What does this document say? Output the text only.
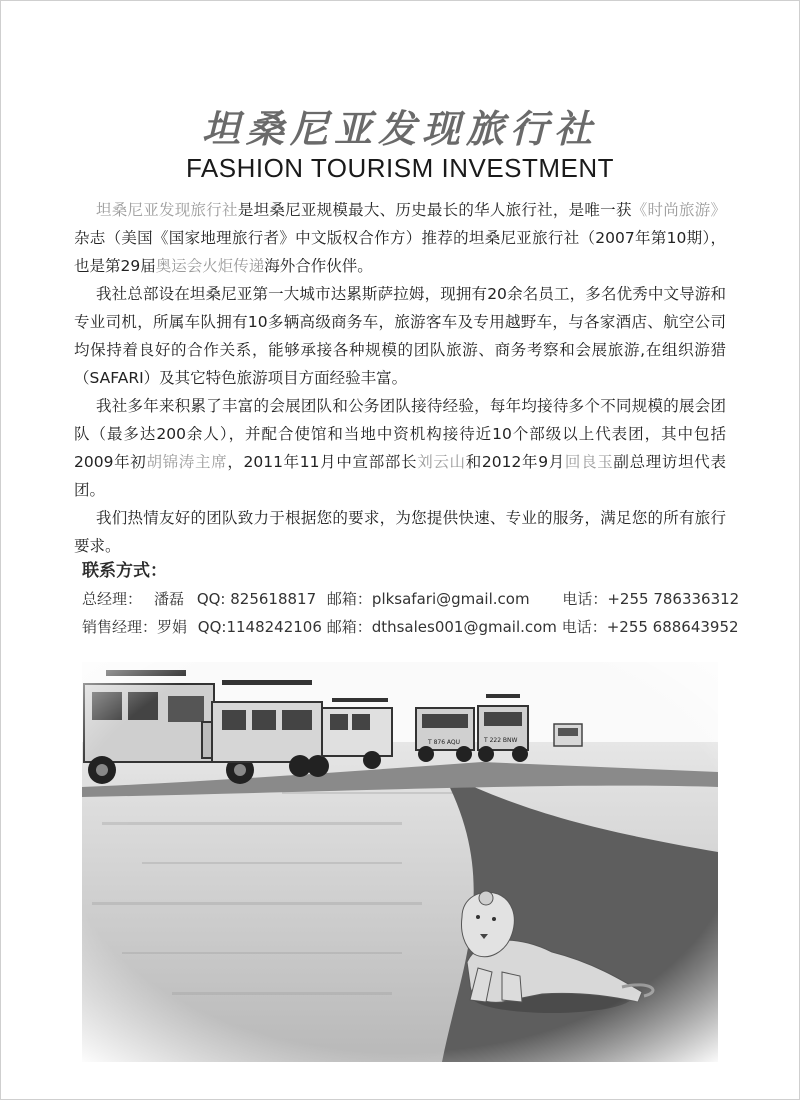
坦桑尼亚发现旅行社
FASHION TOURISM INVESTMENT

坦桑尼亚发现旅行社是坦桑尼亚规模最大、历史最长的华人旅行社，是唯一获《时尚旅游》杂志（美国《国家地理旅行者》中文版权合作方）推荐的坦桑尼亚旅行社（2007年第10期），也是第29届奥运会火炬传递海外合作伙伴。

我社总部设在坦桑尼亚第一大城市达累斯萨拉姆，现拥有20余名员工，多名优秀中文导游和专业司机，所属车队拥有10多辆高级商务车，旅游客车及专用越野车，与各家酒店、航空公司均保持着良好的合作关系，能够承接各种规模的团队旅游、商务考察和会展旅游,在组织游猎（SAFARI）及其它特色旅游项目方面经验丰富。

我社多年来积累了丰富的会展团队和公务团队接待经验，每年均接待多个不同规模的展会团队（最多达200余人），并配合使馆和当地中资机构接待近10个部级以上代表团，其中包括2009年初胡锦涛主席，2011年11月中宣部部长刘云山和2012年9月回良玉副总理访坦代表团。

我们热情友好的团队致力于根据您的要求，为您提供快速、专业的服务，满足您的所有旅行要求。

联系方式：
总经理： 潘磊 QQ: 825618817 邮箱：plksafari@gmail.com 电话：+255 786336312
销售经理：罗娟 QQ:1148242106 邮箱：dthsales001@gmail.com 电话：+255 688643952
